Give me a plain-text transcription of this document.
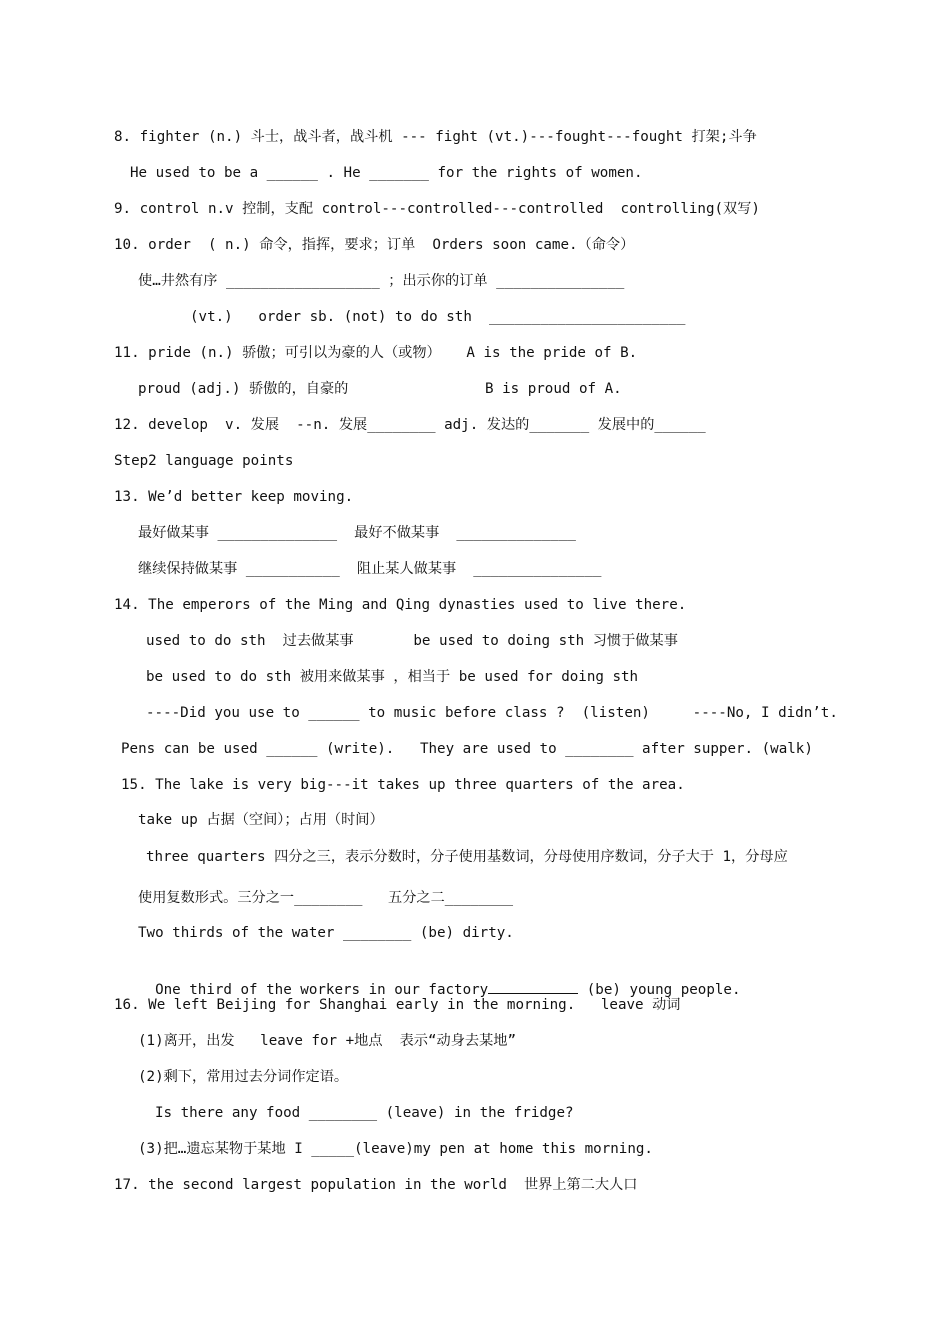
8. fighter (n.) 斗士，战斗者，战斗机 --- fight (vt.)---fought---fought 打架;斗争
He used to be a ______ . He _______ for the rights of women.
9. control n.v 控制，支配 control---controlled---controlled  controlling(双写)
10. order  ( n.) 命令，指挥，要求；订单  Orders soon came.（命令）
使…井然有序 __________________ ；出示你的订单 _______________
(vt.)   order sb. (not) to do sth  _______________________
11. pride (n.) 骄傲；可引以为豪的人（或物）   A is the pride of B.
proud (adj.) 骄傲的，自豪的                B is proud of A.
12. develop  v. 发展  --n. 发展________ adj. 发达的_______ 发展中的______
Step2 language points
13. We’d better keep moving.
最好做某事 ______________  最好不做某事  ______________
继续保持做某事 ___________  阻止某人做某事  _______________
14. The emperors of the Ming and Qing dynasties used to live there.
used to do sth  过去做某事       be used to doing sth 习惯于做某事
be used to do sth 被用来做某事 ，相当于 be used for doing sth
----Did you use to ______ to music before class ?  (listen)     ----No, I didn’t.
Pens can be used ______ (write).   They are used to ________ after supper. (walk)
15. The lake is very big---it takes up three quarters of the area.
take up 占据（空间）；占用（时间）
three quarters 四分之三，表示分数时，分子使用基数词，分母使用序数词，分子大于 1，分母应
使用复数形式。三分之一________   五分之二________
Two thirds of the water ________ (be) dirty.

One third of the workers in our factory	(be) young people.

16. We left Beijing for Shanghai early in the morning.   leave 动词
(1)离开，出发   leave for +地点  表示“动身去某地”
(2)剩下，常用过去分词作定语。
Is there any food ________ (leave) in the fridge?
(3)把…遗忘某物于某地 I _____(leave)my pen at home this morning.
17. the second largest population in the world  世界上第二大人口
